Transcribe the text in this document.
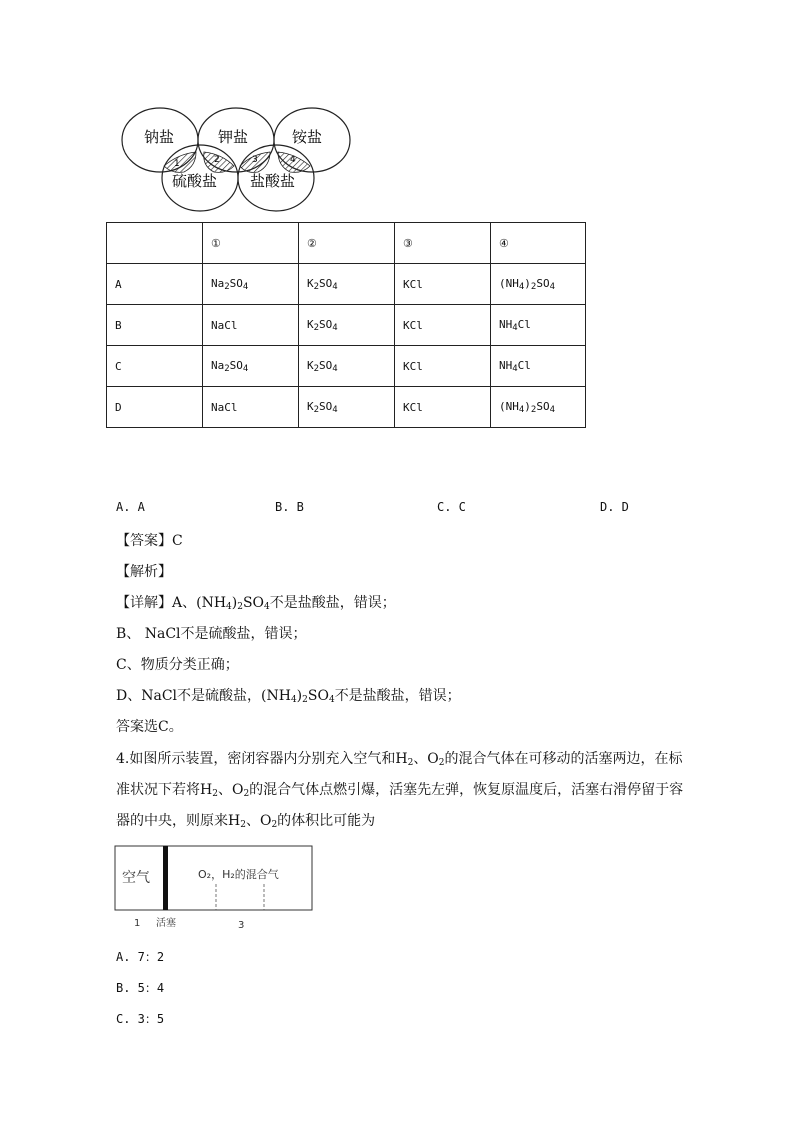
钠盐	钾盐	铵盐
硫酸盐 盐酸盐
1	2	3	4
	①	②	③	④
A	$Na_2SO_4$	$K_2SO_4$	KCl	$(NH_4)_2SO_4$
B	NaCl	$K_2SO_4$	KCl	$NH_4Cl$
C	$Na_2SO_4$	$K_2SO_4$	KCl	$NH_4Cl$
D	NaCl	$K_2SO_4$	KCl	$(NH_4)_2SO_4$
A. A	B. B	C. C	D. D
【答案】C
【解析】
【详解】A、$(NH_4)_2SO_4$不是盐酸盐，错误；
B、 NaCl不是硫酸盐，错误；
C、物质分类正确；
D、NaCl不是硫酸盐，$(NH_4)_2SO_4$不是盐酸盐，错误；
答案选C。
4.如图所示装置，密闭容器内分别充入空气和$H_2$、$O_2$的混合气体在可移动的活塞两边，在标
准状况下若将$H_2$、$O_2$的混合气体点燃引爆，活塞先左弹，恢复原温度后，活塞右滑停留于容
器的中央，则原来$H_2$、$O_2$的体积比可能为
空气	O₂，H₂的混合气
1 活塞	3
A. 7：2
B. 5：4
C. 3：5
